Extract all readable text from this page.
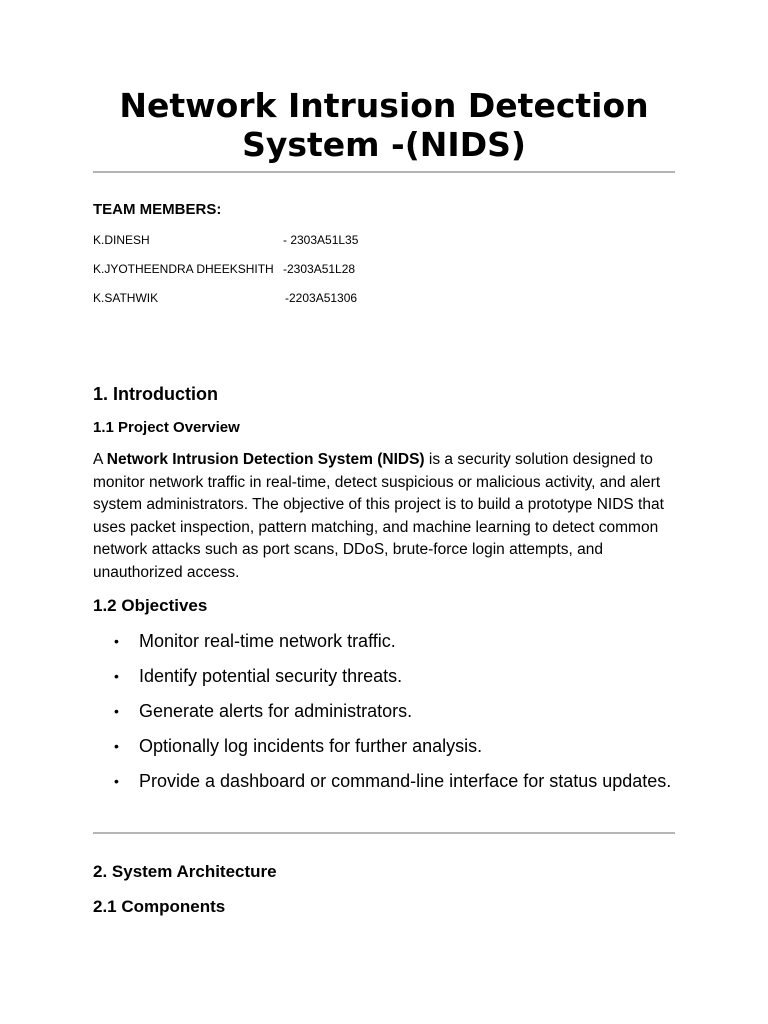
Network Intrusion Detection System -(NIDS)
TEAM MEMBERS:
K.DINESH	- 2303A51L35
K.JYOTHEENDRA DHEEKSHITH -2303A51L28
K.SATHWIK	-2203A51306
1. Introduction
1.1 Project Overview

A Network Intrusion Detection System (NIDS) is a security solution designed to monitor network traffic in real-time, detect suspicious or malicious activity, and alert system administrators. The objective of this project is to build a prototype NIDS that uses packet inspection, pattern matching, and machine learning to detect common network attacks such as port scans, DDoS, brute-force login attempts, and unauthorized access.

1.2 Objectives
• Monitor real-time network traffic.
• Identify potential security threats.
• Generate alerts for administrators.
• Optionally log incidents for further analysis.
• Provide a dashboard or command-line interface for status updates.
2. System Architecture
2.1 Components
